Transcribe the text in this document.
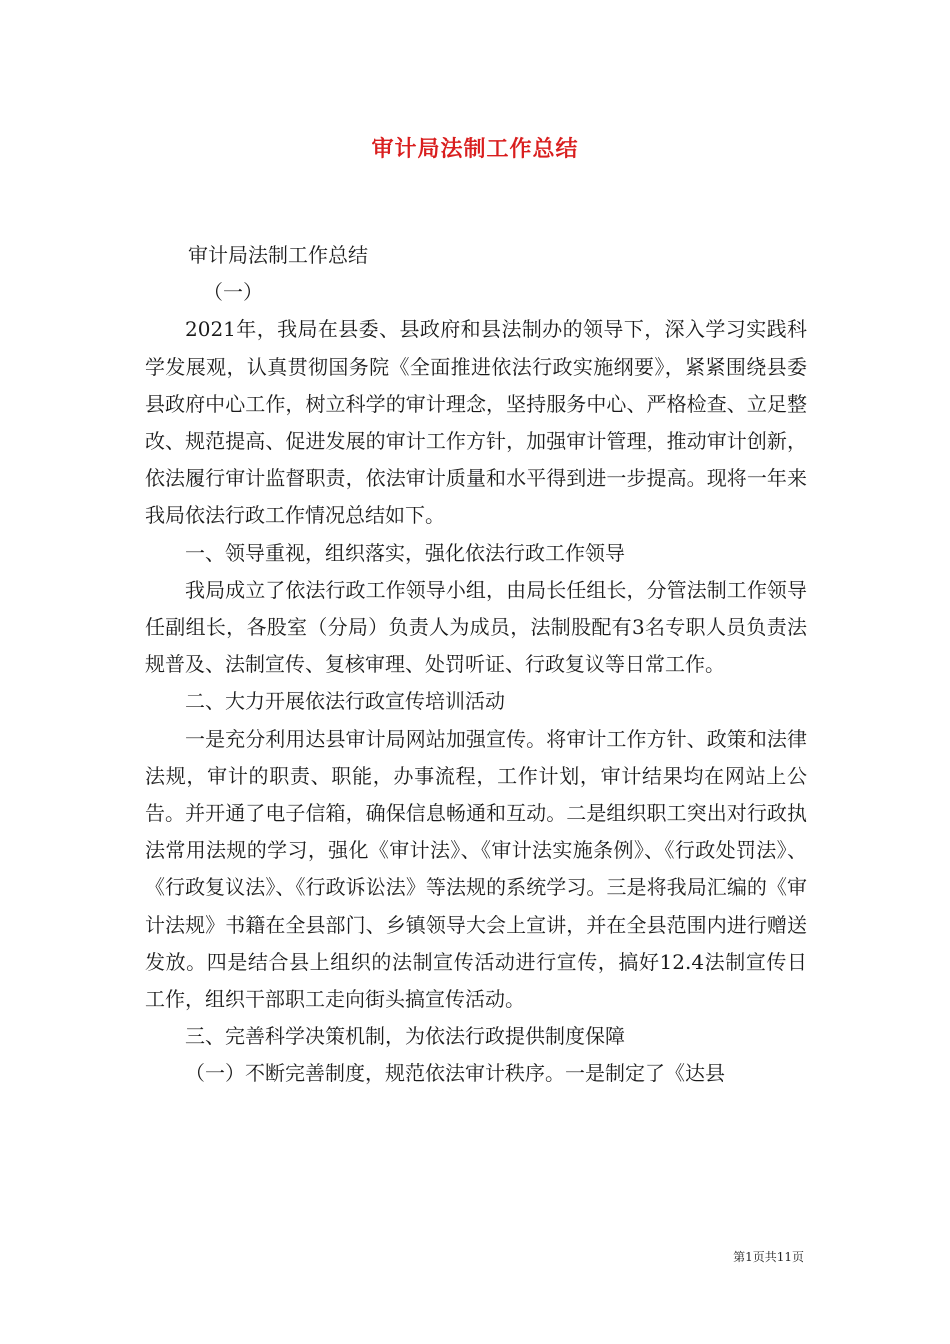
审计局法制工作总结

审计局法制工作总结

（一）

2021年，我局在县委、县政府和县法制办的领导下，深入学习实践科学发展观，认真贯彻国务院《全面推进依法行政实施纲要》，紧紧围绕县委县政府中心工作，树立科学的审计理念，坚持服务中心、严格检查、立足整改、规范提高、促进发展的审计工作方针，加强审计管理，推动审计创新，依法履行审计监督职责，依法审计质量和水平得到进一步提高。现将一年来我局依法行政工作情况总结如下。

一、领导重视，组织落实，强化依法行政工作领导

我局成立了依法行政工作领导小组，由局长任组长，分管法制工作领导任副组长，各股室（分局）负责人为成员，法制股配有3名专职人员负责法规普及、法制宣传、复核审理、处罚听证、行政复议等日常工作。

二、大力开展依法行政宣传培训活动

一是充分利用达县审计局网站加强宣传。将审计工作方针、政策和法律法规，审计的职责、职能，办事流程，工作计划，审计结果均在网站上公告。并开通了电子信箱，确保信息畅通和互动。二是组织职工突出对行政执法常用法规的学习，强化《审计法》、《审计法实施条例》、《行政处罚法》、《行政复议法》、《行政诉讼法》等法规的系统学习。三是将我局汇编的《审计法规》书籍在全县部门、乡镇领导大会上宣讲，并在全县范围内进行赠送发放。四是结合县上组织的法制宣传活动进行宣传，搞好12.4法制宣传日工作，组织干部职工走向街头搞宣传活动。

三、完善科学决策机制，为依法行政提供制度保障

（一）不断完善制度，规范依法审计秩序。一是制定了《达县

第1页共11页
